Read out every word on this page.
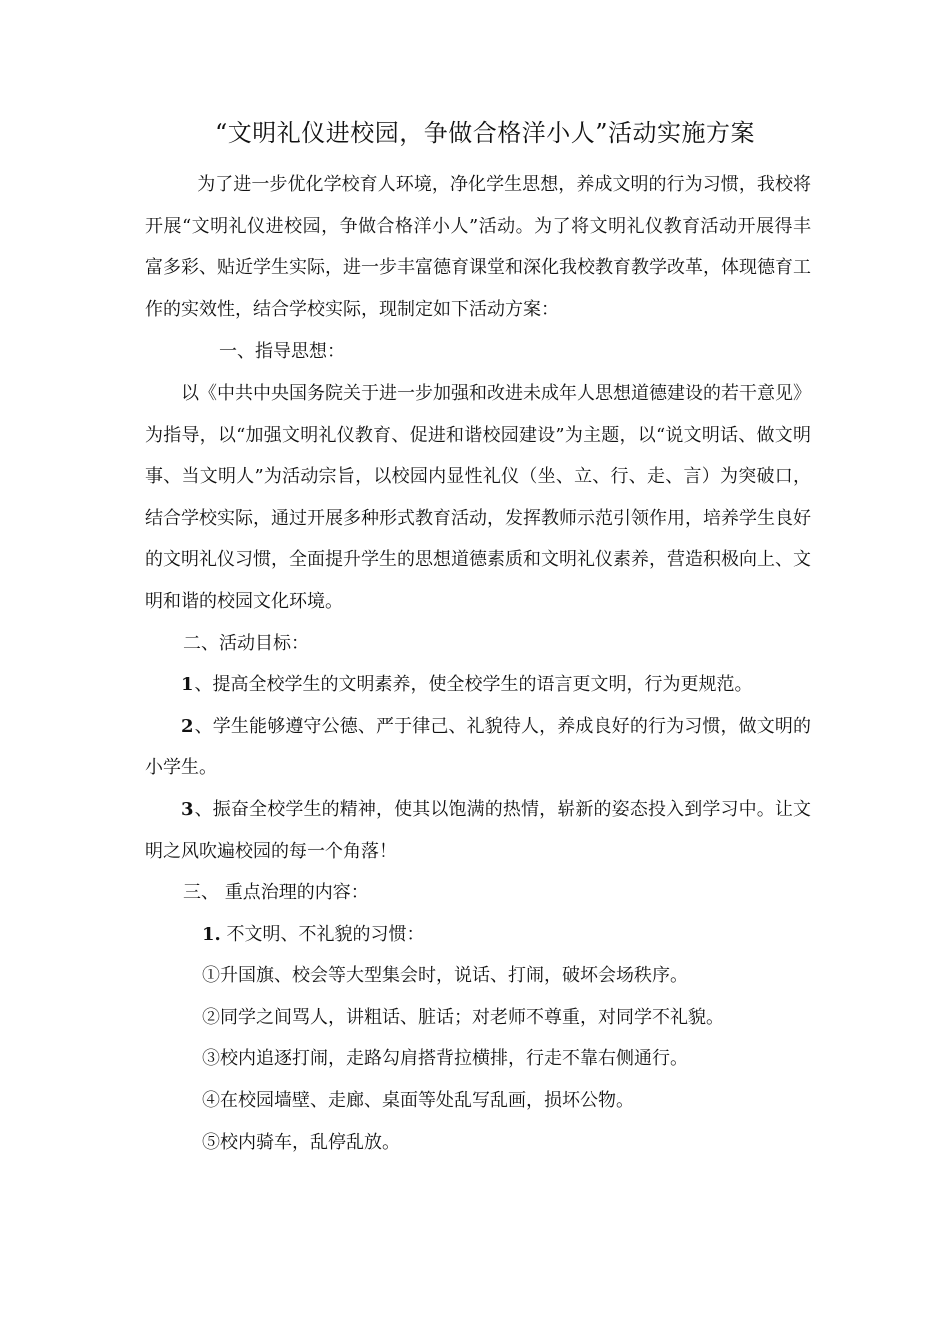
“文明礼仪进校园，争做合格洋小人”活动实施方案

为了进一步优化学校育人环境，净化学生思想，养成文明的行为习惯，我校将开展“文明礼仪进校园，争做合格洋小人”活动。为了将文明礼仪教育活动开展得丰富多彩、贴近学生实际，进一步丰富德育课堂和深化我校教育教学改革，体现德育工作的实效性，结合学校实际，现制定如下活动方案：

一、指导思想：

以《中共中央国务院关于进一步加强和改进未成年人思想道德建设的若干意见》为指导，以“加强文明礼仪教育、促进和谐校园建设”为主题，以“说文明话、做文明事、当文明人”为活动宗旨，以校园内显性礼仪（坐、立、行、走、言）为突破口，结合学校实际，通过开展多种形式教育活动，发挥教师示范引领作用，培养学生良好的文明礼仪习惯，全面提升学生的思想道德素质和文明礼仪素养，营造积极向上、文明和谐的校园文化环境。

二、活动目标：

1、提高全校学生的文明素养，使全校学生的语言更文明，行为更规范。

2、学生能够遵守公德、严于律己、礼貌待人，养成良好的行为习惯，做文明的小学生。

3、振奋全校学生的精神，使其以饱满的热情，崭新的姿态投入到学习中。让文明之风吹遍校园的每一个角落！

三、 重点治理的内容：

1. 不文明、不礼貌的习惯：

①升国旗、校会等大型集会时，说话、打闹，破坏会场秩序。

②同学之间骂人，讲粗话、脏话；对老师不尊重，对同学不礼貌。

③校内追逐打闹，走路勾肩搭背拉横排，行走不靠右侧通行。

④在校园墙壁、走廊、桌面等处乱写乱画，损坏公物。

⑤校内骑车，乱停乱放。
